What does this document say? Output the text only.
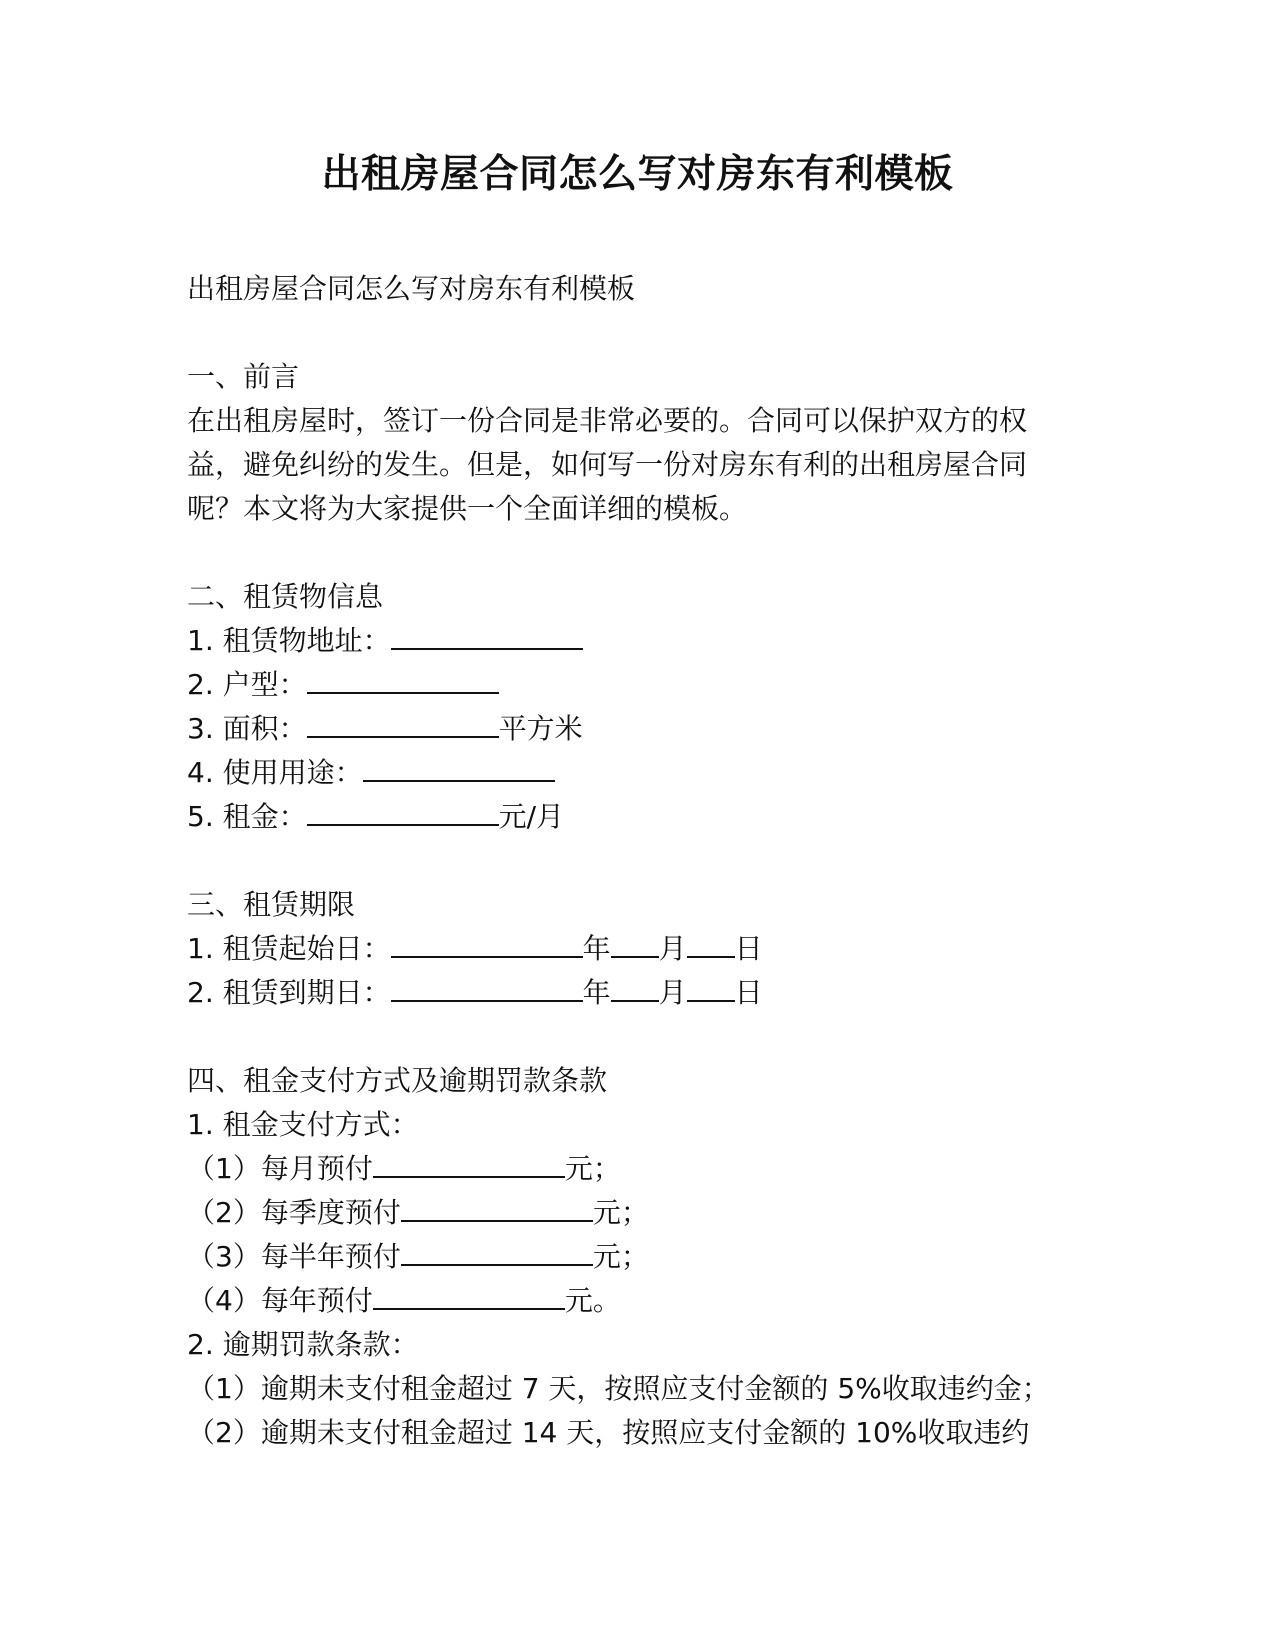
出租房屋合同怎么写对房东有利模板
出租房屋合同怎么写对房东有利模板
一、前言
在出租房屋时，签订一份合同是非常必要的。合同可以保护双方的权益，避免纠纷的发生。但是，如何写一份对房东有利的出租房屋合同呢？本文将为大家提供一个全面详细的模板。
二、租赁物信息
1. 租赁物地址：
2. 户型：
3. 面积：	平方米
4. 使用用途：
5. 租金：	元/月
三、租赁期限
1. 租赁起始日：	年 月 日
2. 租赁到期日：	年 月 日
四、租金支付方式及逾期罚款条款
1. 租金支付方式：
（1）每月预付	元；
（2）每季度预付	元；
（3）每半年预付	元；
（4）每年预付	元。
2. 逾期罚款条款：
（1）逾期未支付租金超过 7 天，按照应支付金额的 5%收取违约金；
（2）逾期未支付租金超过 14 天，按照应支付金额的 10%收取违约
